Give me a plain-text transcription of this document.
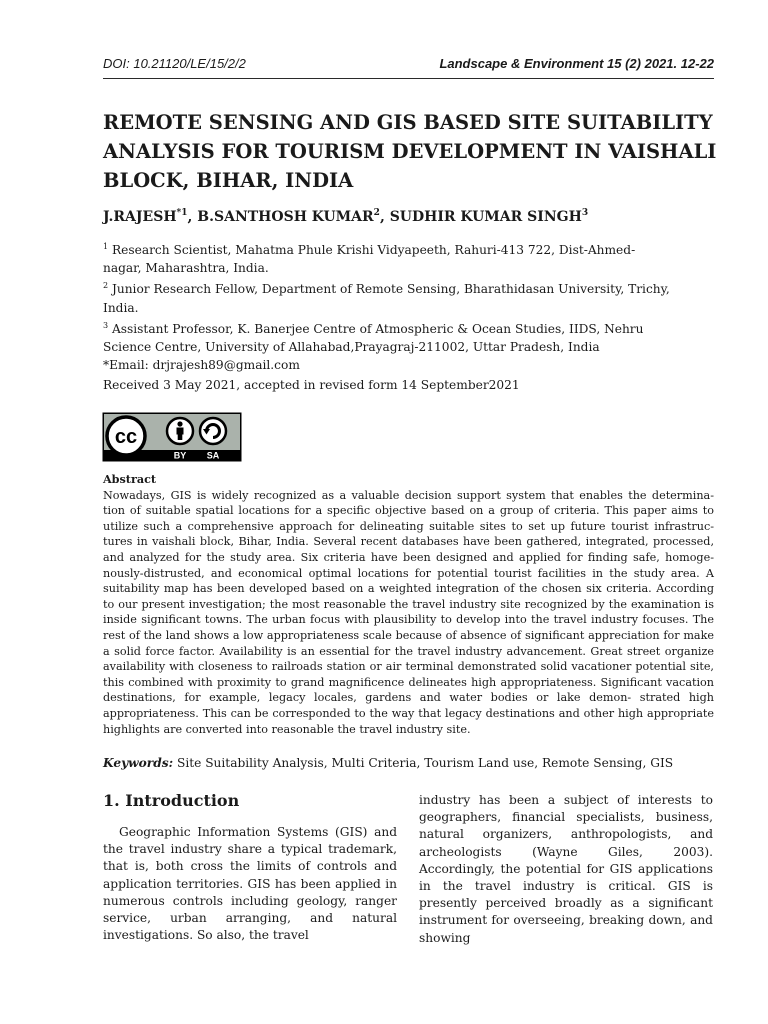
DOI: 10.21120/LE/15/2/2	Landscape & Environment 15 (2) 2021. 12-22
REMOTE SENSING AND GIS BASED SITE SUITABILITY ANALYSIS FOR TOURISM DEVELOPMENT IN VAISHALI BLOCK, BIHAR, INDIA
J.RAJESH$^{*1}$, B.SANTHOSH KUMAR$^2$, SUDHIR KUMAR SINGH$^3$

$^1$ Research Scientist, Mahatma Phule Krishi Vidyapeeth, Rahuri-413 722, Dist-Ahmed- nagar, Maharashtra, India.

$^2$ Junior Research Fellow, Department of Remote Sensing, Bharathidasan University, Trichy, India.

$^3$ Assistant Professor, K. Banerjee Centre of Atmospheric & Ocean Studies, IIDS, Nehru Science Centre, University of Allahabad,Prayagraj-211002, Uttar Pradesh, India

*Email: drjrajesh89@gmail.com

Received 3 May 2021, accepted in revised form 14 September2021
cc
BY SA

Abstract

Nowadays, GIS is widely recognized as a valuable decision support system that enables the determina- tion of suitable spatial locations for a specific objective based on a group of criteria. This paper aims to utilize such a comprehensive approach for delineating suitable sites to set up future tourist infrastruc- tures in vaishali block, Bihar, India. Several recent databases have been gathered, integrated, processed, and analyzed for the study area. Six criteria have been designed and applied for finding safe, homoge- nously-distrusted, and economical optimal locations for potential tourist facilities in the study area. A suitability map has been developed based on a weighted integration of the chosen six criteria. According to our present investigation; the most reasonable the travel industry site recognized by the examination is inside significant towns. The urban focus with plausibility to develop into the travel industry focuses. The rest of the land shows a low appropriateness scale because of absence of significant appreciation for make a solid force factor. Availability is an essential for the travel industry advancement. Great street organize availability with closeness to railroads station or air terminal demonstrated solid vacationer potential site, this combined with proximity to grand magnificence delineates high appropriateness. Significant vacation destinations, for example, legacy locales, gardens and water bodies or lake demon- strated high appropriateness. This can be corresponded to the way that legacy destinations and other high appropriate highlights are converted into reasonable the travel industry site.

Keywords: Site Suitability Analysis, Multi Criteria, Tourism Land use, Remote Sensing, GIS
1. Introduction

Geographic Information Systems (GIS) and the travel industry share a typical trademark, that is, both cross the limits of controls and application territories. GIS has been applied in numerous controls including geology, ranger service, urban arranging, and natural investigations. So also, the travel

industry has been a subject of interests to geographers, financial specialists, business, natural organizers, anthropologists, and archeologists (Wayne Giles, 2003). Accordingly, the potential for GIS applications in the travel industry is critical. GIS is presently perceived broadly as a significant instrument for overseeing, breaking down, and showing
